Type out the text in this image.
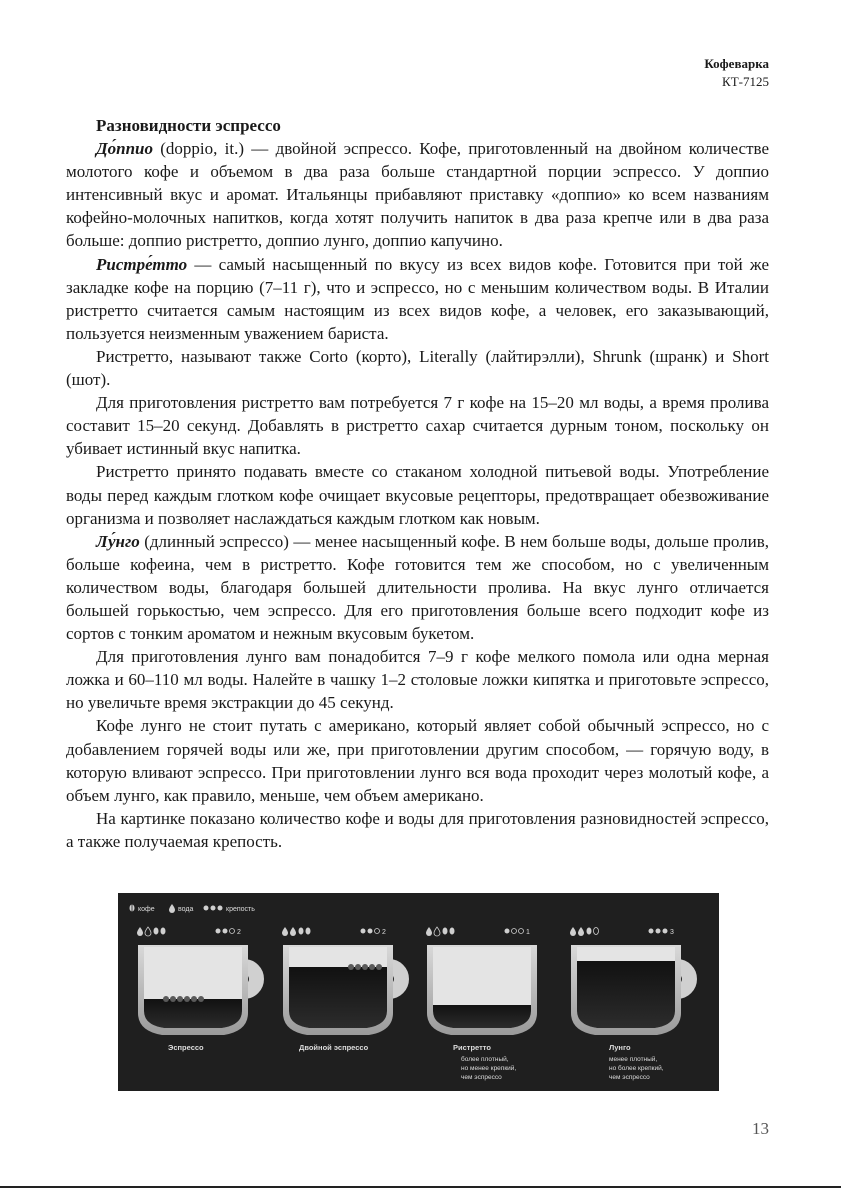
Кофеварка
КТ-7125
Разновидности эспрессо

До́ппио (doppio, it.) — двойной эспрессо. Кофе, приготовленный на двойном количестве молотого кофе и объемом в два раза больше стандартной порции эспрессо. У доппио интенсивный вкус и аромат. Итальянцы прибавляют приставку «доппио» ко всем названиям кофейно-молочных напитков, когда хотят получить напиток в два раза крепче или в два раза больше: доппио ристретто, доппио лунго, доппио капучино.

Ристре́тто — самый насыщенный по вкусу из всех видов кофе. Готовится при той же закладке кофе на порцию (7–11 г), что и эспрессо, но с меньшим количеством воды. В Италии ристретто считается самым настоящим из всех видов кофе, а человек, его заказывающий, пользуется неизменным уважением бариста.

Ристретто, называют также Corto (корто), Literally (лайтирэлли), Shrunk (шранк) и Short (шот).

Для приготовления ристретто вам потребуется 7 г кофе на 15–20 мл воды, а время пролива составит 15–20 секунд. Добавлять в ристретто сахар считается дурным тоном, поскольку он убивает истинный вкус напитка.

Ристретто принято подавать вместе со стаканом холодной питьевой воды. Употребление воды перед каждым глотком кофе очищает вкусовые рецепторы, предотвращает обезвоживание организма и позволяет наслаждаться каждым глотком как новым.

Лу́нго (длинный эспрессо) — менее насыщенный кофе. В нем больше воды, дольше пролив, больше кофеина, чем в ристретто. Кофе готовится тем же способом, но с увеличенным количеством воды, благодаря большей длительности пролива. На вкус лунго отличается большей горькостью, чем эспрессо. Для его приготовления больше всего подходит кофе из сортов с тонким ароматом и нежным вкусовым букетом.

Для приготовления лунго вам понадобится 7–9 г кофе мелкого помола или одна мерная ложка и 60–110 мл воды. Налейте в чашку 1–2 столовые ложки кипятка и приготовьте эспрессо, но увеличьте время экстракции до 45 секунд.

Кофе лунго не стоит путать с американо, который являет собой обычный эспрессо, но с добавлением горячей воды или же, при приготовлении другим способом, — горячую воду, в которую вливают эспрессо. При приготовлении лунго вся вода проходит через молотый кофе, а объем лунго, как правило, меньше, чем объем американо.

На картинке показано количество кофе и воды для приготовления разновидностей эспрессо, а также получаемая крепость.

кофе	вода	крепость
2
Эспрессо
2
Двойной эспрессо
1
Ристретто
более плотный,
но менее крепкий,
чем эспрессо
3
Лунго
менее плотный,
но более крепкий,
чем эспрессо
13
